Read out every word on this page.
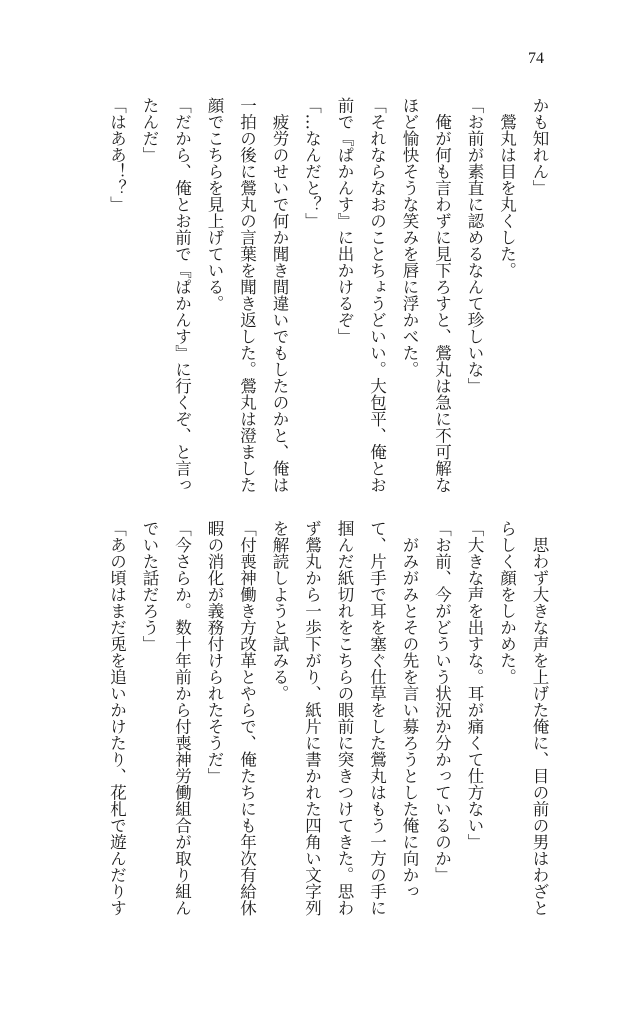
74
かも知れん」
　鶯丸は目を丸くした。
「お前が素直に認めるなんて珍しいな」
　俺が何も言わずに見下ろすと、鶯丸は急に不可解な
ほど愉快そうな笑みを唇に浮かべた。
「それならなおのことちょうどいい。大包平、俺とお
前で『ぱかんす』に出かけるぞ」
「…なんだと？」
　疲労のせいで何か聞き間違いでもしたのかと、俺は
一拍の後に鶯丸の言葉を聞き返した。鶯丸は澄ました
顔でこちらを見上げている。
「だから、俺とお前で『ぱかんす』に行くぞ、と言っ
たんだ」
「はああ！？」
　思わず大きな声を上げた俺に、目の前の男はわざと
らしく顔をしかめた。
「大きな声を出すな。耳が痛くて仕方ない」
「お前、今がどういう状況か分かっているのか」
　がみがみとその先を言い募ろうとした俺に向かっ
て、片手で耳を塞ぐ仕草をした鶯丸はもう一方の手に
掴んだ紙切れをこちらの眼前に突きつけてきた。思わ
ず鶯丸から一歩下がり、紙片に書かれた四角い文字列
を解読しようと試みる。
「付喪神働き方改革とやらで、俺たちにも年次有給休
暇の消化が義務付けられたそうだ」
「今さらか。数十年前から付喪神労働組合が取り組ん
でいた話だろう」
「あの頃はまだ兎を追いかけたり、花札で遊んだりす
